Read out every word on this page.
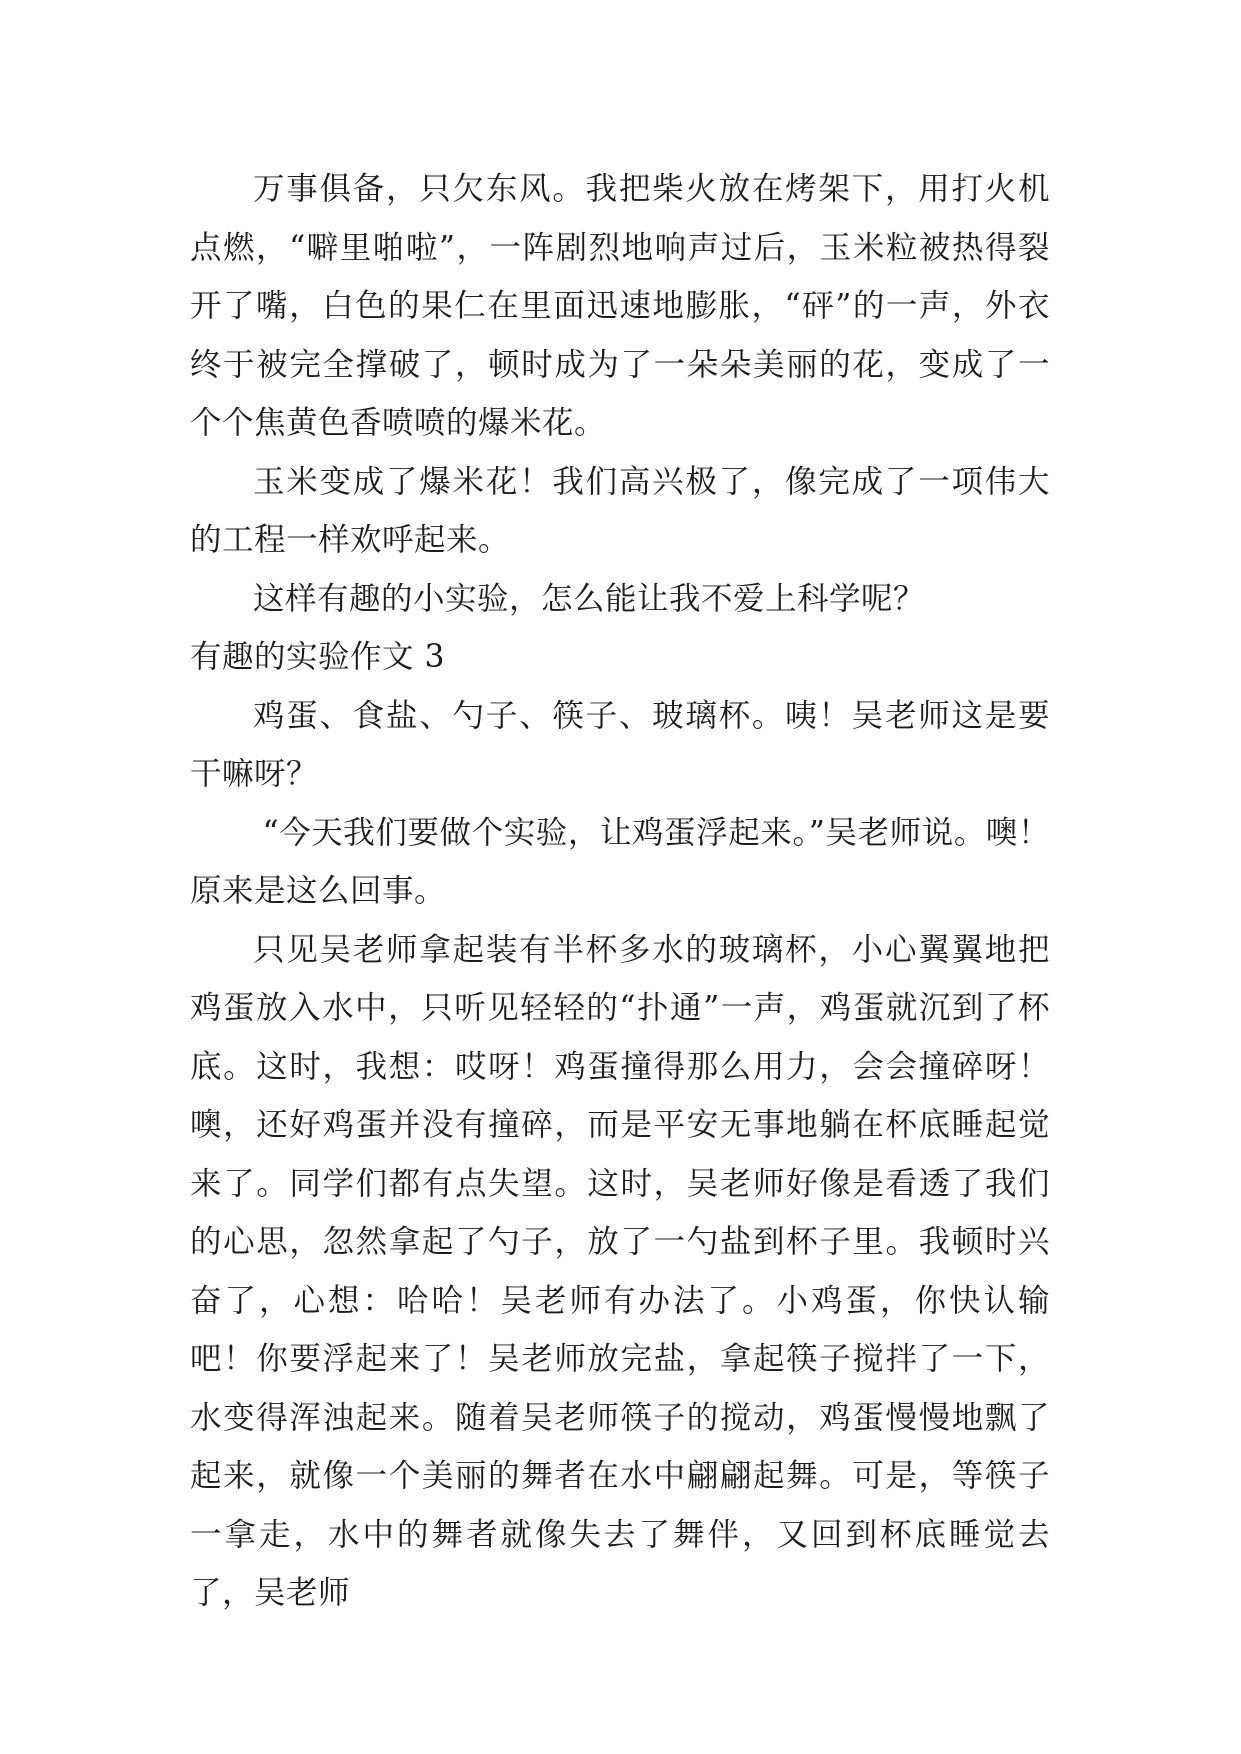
万事俱备，只欠东风。我把柴火放在烤架下，用打火机点燃，“噼里啪啦”，一阵剧烈地响声过后，玉米粒被热得裂开了嘴，白色的果仁在里面迅速地膨胀，“砰”的一声，外衣终于被完全撑破了，顿时成为了一朵朵美丽的花，变成了一个个焦黄色香喷喷的爆米花。

玉米变成了爆米花！我们高兴极了，像完成了一项伟大的工程一样欢呼起来。

这样有趣的小实验，怎么能让我不爱上科学呢？

有趣的实验作文 3

鸡蛋、食盐、勺子、筷子、玻璃杯。咦！吴老师这是要干嘛呀？

“今天我们要做个实验，让鸡蛋浮起来。”吴老师说。噢！原来是这么回事。

只见吴老师拿起装有半杯多水的玻璃杯，小心翼翼地把鸡蛋放入水中，只听见轻轻的“扑通”一声，鸡蛋就沉到了杯底。这时，我想：哎呀！鸡蛋撞得那么用力，会会撞碎呀！噢，还好鸡蛋并没有撞碎，而是平安无事地躺在杯底睡起觉来了。同学们都有点失望。这时，吴老师好像是看透了我们的心思，忽然拿起了勺子，放了一勺盐到杯子里。我顿时兴奋了，心想：哈哈！吴老师有办法了。小鸡蛋，你快认输吧！你要浮起来了！吴老师放完盐，拿起筷子搅拌了一下，水变得浑浊起来。随着吴老师筷子的搅动，鸡蛋慢慢地飘了起来，就像一个美丽的舞者在水中翩翩起舞。可是，等筷子一拿走，水中的舞者就像失去了舞伴，又回到杯底睡觉去了，吴老师
